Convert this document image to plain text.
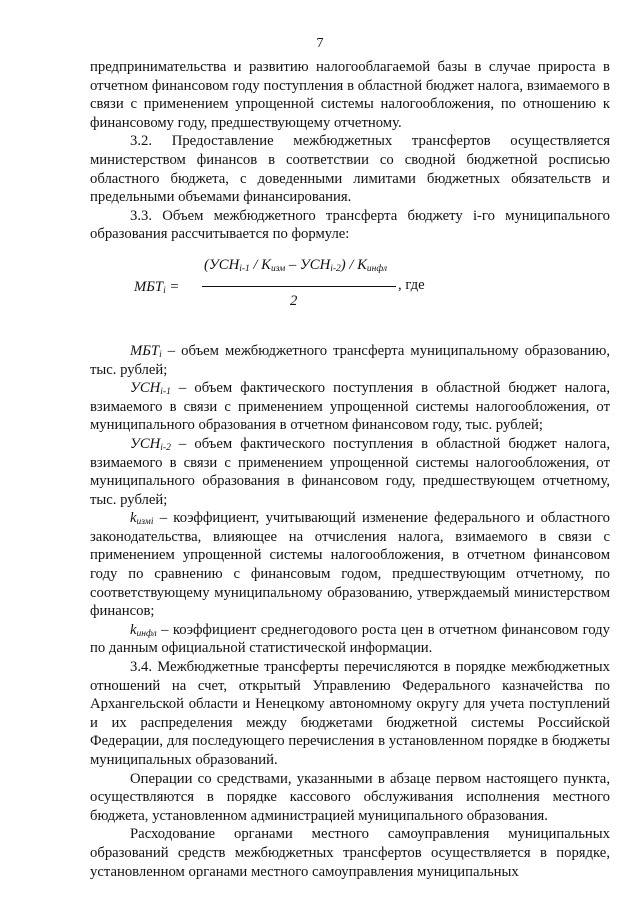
7

предпринимательства и развитию налогооблагаемой базы в случае прироста в отчетном финансовом году поступления в областной бюджет налога, взимаемого в связи с применением упрощенной системы налогообложения, по отношению к финансовому году, предшествующему отчетному.

3.2. Предоставление межбюджетных трансфертов осуществляется министерством финансов в соответствии со сводной бюджетной росписью областного бюджета, с доведенными лимитами бюджетных обязательств и предельными объемами финансирования.

3.3. Объем межбюджетного трансферта бюджету i-го муниципального образования рассчитывается по формуле:

$МБТ_i$ =
$(УСН_{i-1} / К_{изм} - УСН_{i-2}) / К_{инфл}$
, где
2

$МБТ_i$ – объем межбюджетного трансферта муниципальному образованию, тыс. рублей;

$УСН_{i-1}$ – объем фактического поступления в областной бюджет налога, взимаемого в связи с применением упрощенной системы налогообложения, от муниципального образования в отчетном финансовом году, тыс. рублей;

$УСН_{i-2}$ – объем фактического поступления в областной бюджет налога, взимаемого в связи с применением упрощенной системы налогообложения, от муниципального образования в финансовом году, предшествующем отчетному, тыс. рублей;

$k_{измi}$ – коэффициент, учитывающий изменение федерального и областного законодательства, влияющее на отчисления налога, взимаемого в связи с применением упрощенной системы налогообложения, в отчетном финансовом году по сравнению с финансовым годом, предшествующим отчетному, по соответствующему муниципальному образованию, утверждаемый министерством финансов;

$k_{инфл}$ – коэффициент среднегодового роста цен в отчетном финансовом году по данным официальной статистической информации.

3.4. Межбюджетные трансферты перечисляются в порядке межбюджетных отношений на счет, открытый Управлению Федерального казначейства по Архангельской области и Ненецкому автономному округу для учета поступлений и их распределения между бюджетами бюджетной системы Российской Федерации, для последующего перечисления в установленном порядке в бюджеты муниципальных образований.

Операции со средствами, указанными в абзаце первом настоящего пункта, осуществляются в порядке кассового обслуживания исполнения местного бюджета, установленном администрацией муниципального образования.

Расходование органами местного самоуправления муниципальных образований средств межбюджетных трансфертов осуществляется в порядке, установленном органами местного самоуправления муниципальных
